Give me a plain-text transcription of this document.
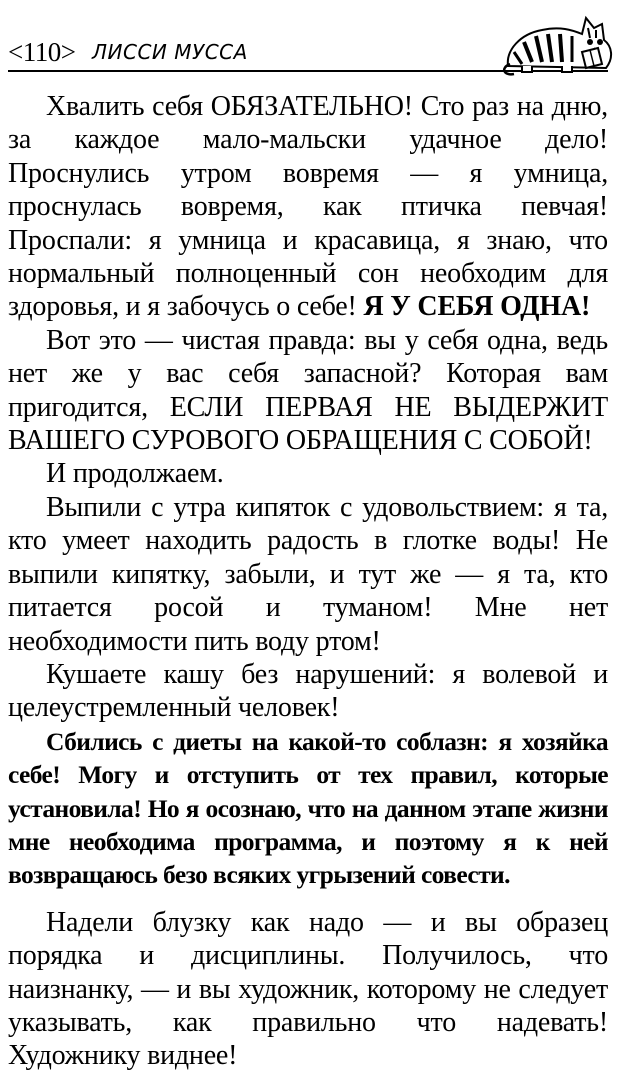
<110> ЛИССИ МУССА

Хвалить себя ОБЯЗАТЕЛЬНО! Сто раз на дню, за каждое мало-мальски удачное дело! Проснулись утром вовремя — я умница, проснулась вовремя, как птичка певчая! Проспали: я умница и красавица, я знаю, что нормальный полноценный сон необходим для здоровья, и я забочусь о себе! Я У СЕБЯ ОДНА!

Вот это — чистая правда: вы у себя одна, ведь нет же у вас себя запасной? Которая вам пригодится, ЕСЛИ ПЕРВАЯ НЕ ВЫДЕРЖИТ ВАШЕГО СУРОВОГО ОБРАЩЕНИЯ С СОБОЙ!

И продолжаем.

Выпили с утра кипяток с удовольствием: я та, кто умеет находить радость в глотке воды! Не выпили кипятку, забыли, и тут же — я та, кто питается росой и туманом! Мне нет необходимости пить воду ртом!

Кушаете кашу без нарушений: я волевой и целеустремленный человек!

Сбились с диеты на какой-то соблазн: я хозяйка себе! Могу и отступить от тех правил, которые установила! Но я осознаю, что на данном этапе жизни мне необходима программа, и поэтому я к ней возвращаюсь безо всяких угрызений совести.

Надели блузку как надо — и вы образец порядка и дисциплины. Получилось, что наизнанку, — и вы художник, которому не следует указывать, как правильно что надевать! Художнику виднее!
